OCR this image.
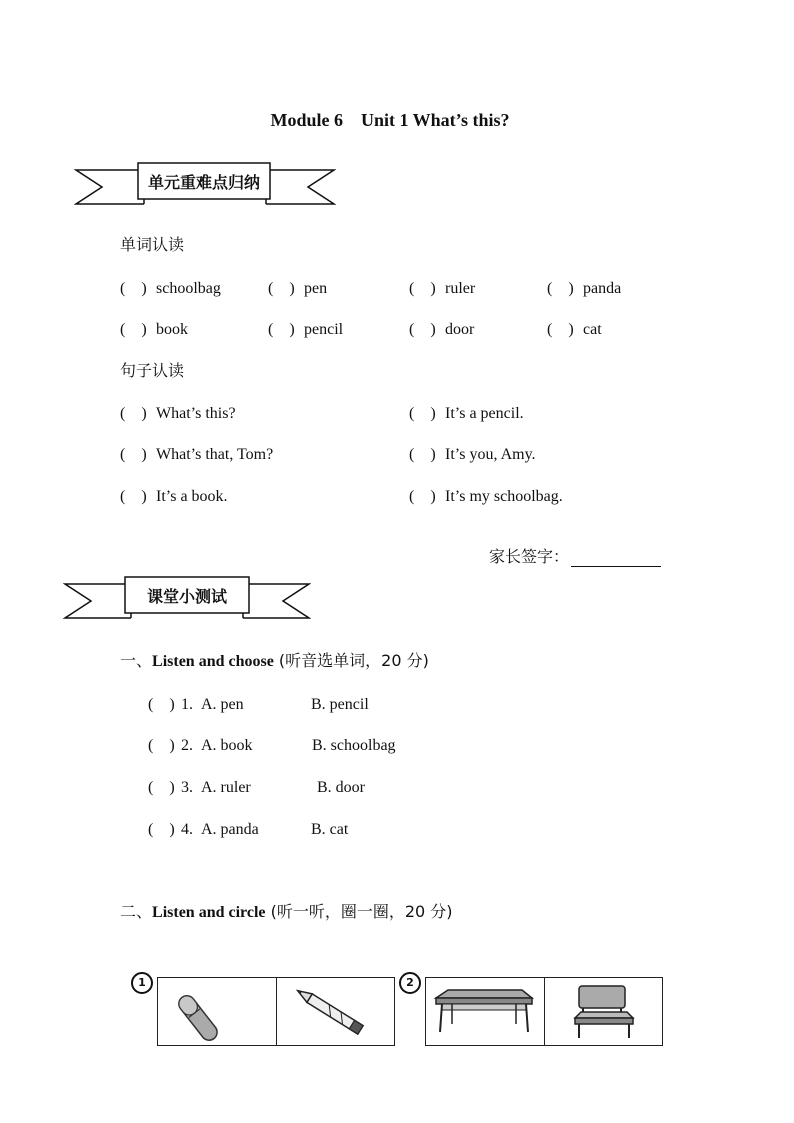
Module 6　Unit 1 What’s this?
单元重难点归纳
单词认读
(　) schoolbag	(　) pen	(　) ruler	(　) panda
(　) book	(　) pencil	(　) door	(　) cat
句子认读
(　) What’s this?	(　) It’s a pencil.
(　) What’s that, Tom?	(　) It’s you, Amy.
(　) It’s a book.	(　) It’s my schoolbag.
家长签字：
课堂小测试
一、Listen and choose (听音选单词，20 分)
(　) 1. A. pen	B. pencil
(　) 2. A. book	B. schoolbag
(　) 3. A. ruler	B. door
(　) 4. A. panda	B. cat
二、Listen and circle (听一听，圈一圈，20 分)
1	2
